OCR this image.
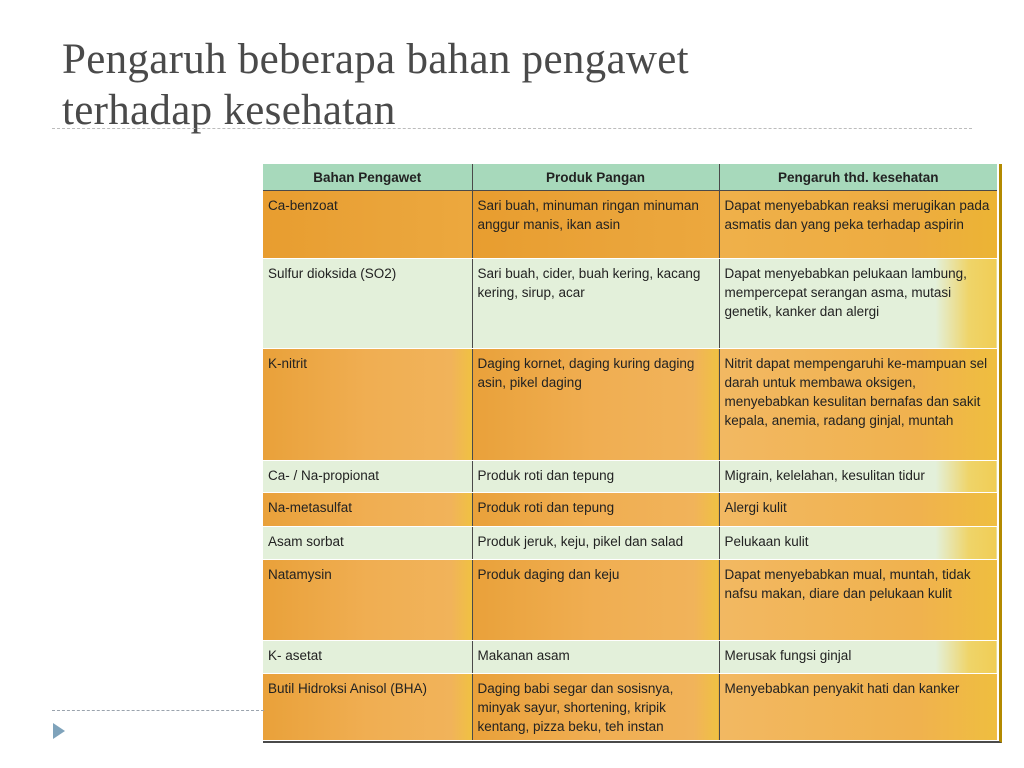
Pengaruh beberapa bahan pengawet
terhadap kesehatan
Bahan Pengawet	Produk Pangan	Pengaruh thd. kesehatan
Ca-benzoat	Sari buah, minuman ringan minuman anggur manis, ikan asin	Dapat menyebabkan reaksi merugikan pada asmatis dan yang peka terhadap aspirin
Sulfur dioksida (SO2)	Sari buah, cider, buah kering, kacang kering, sirup, acar	Dapat menyebabkan pelukaan lambung, mempercepat serangan asma, mutasi genetik, kanker dan alergi
K-nitrit	Daging kornet, daging kuring daging asin, pikel daging	Nitrit dapat mempengaruhi ke-mampuan sel darah untuk membawa oksigen, menyebabkan kesulitan bernafas dan sakit kepala, anemia, radang ginjal, muntah
Ca- / Na-propionat	Produk roti dan tepung	Migrain, kelelahan, kesulitan tidur
Na-metasulfat	Produk roti dan tepung	Alergi kulit
Asam sorbat	Produk jeruk, keju, pikel dan salad	Pelukaan kulit
Natamysin	Produk daging dan keju	Dapat menyebabkan mual, muntah, tidak nafsu makan, diare dan pelukaan kulit
K- asetat	Makanan asam	Merusak fungsi ginjal
Butil Hidroksi Anisol (BHA)	Daging babi segar dan sosisnya, minyak sayur, shortening, kripik kentang, pizza beku, teh instan	Menyebabkan penyakit hati dan kanker
